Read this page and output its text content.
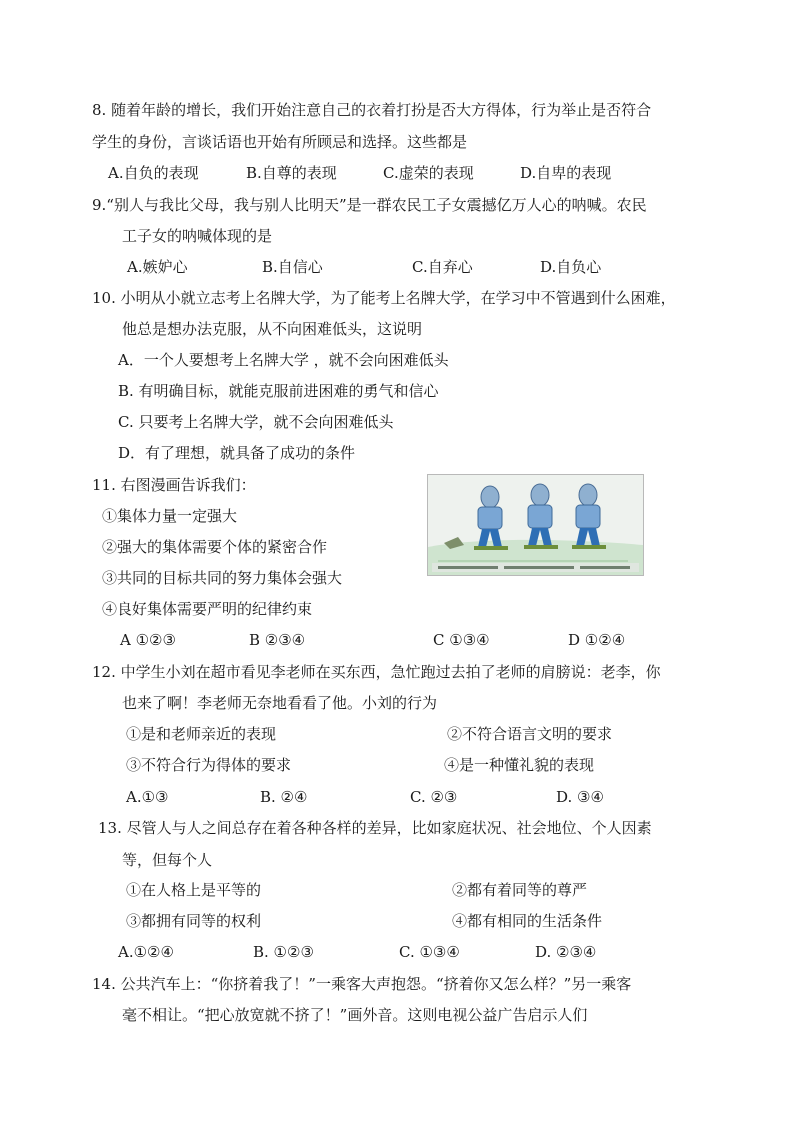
8. 随着年龄的增长，我们开始注意自己的衣着打扮是否大方得体，行为举止是否符合
学生的身份，言谈话语也开始有所顾忌和选择。这些都是
A.自负的表现	B.自尊的表现	C.虚荣的表现	D.自卑的表现
9.“别人与我比父母，我与别人比明天”是一群农民工子女震撼亿万人心的呐喊。农民
工子女的呐喊体现的是
A.嫉妒心	B.自信心	C.自弃心	D.自负心
10. 小明从小就立志考上名牌大学，为了能考上名牌大学，在学习中不管遇到什么困难，
他总是想办法克服，从不向困难低头，这说明
A．一个人要想考上名牌大学 ，就不会向困难低头
B. 有明确目标，就能克服前进困难的勇气和信心
C. 只要考上名牌大学，就不会向困难低头
D．有了理想，就具备了成功的条件
11. 右图漫画告诉我们：
①集体力量一定强大
②强大的集体需要个体的紧密合作
③共同的目标共同的努力集体会强大
④良好集体需要严明的纪律约束
A ①②③	B ②③④	C ①③④	D ①②④
12. 中学生小刘在超市看见李老师在买东西，急忙跑过去拍了老师的肩膀说：老李，你
也来了啊！李老师无奈地看看了他。小刘的行为
①是和老师亲近的表现	②不符合语言文明的要求
③不符合行为得体的要求	④是一种懂礼貌的表现
A.①③	B. ②④	C. ②③	D. ③④
13. 尽管人与人之间总存在着各种各样的差异，比如家庭状况、社会地位、个人因素
等，但每个人
①在人格上是平等的	②都有着同等的尊严
③都拥有同等的权利	④都有相同的生活条件
A.①②④	B. ①②③	C. ①③④	D. ②③④
14. 公共汽车上：“你挤着我了！”一乘客大声抱怨。“挤着你又怎么样？”另一乘客
毫不相让。“把心放宽就不挤了！”画外音。这则电视公益广告启示人们
